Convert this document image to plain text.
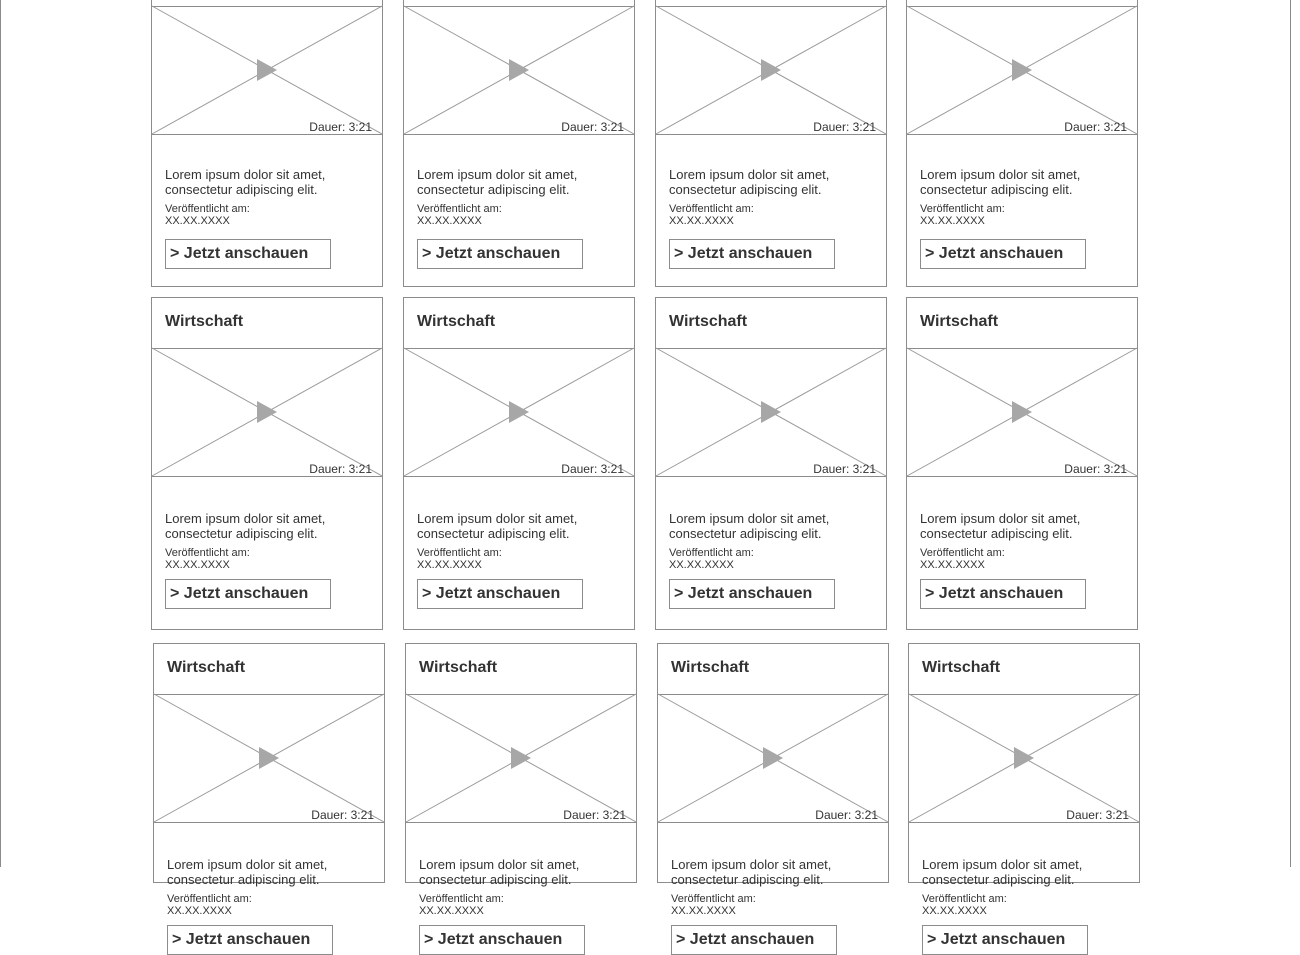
Dauer: 3:21
Lorem ipsum dolor sit amet, consectetur adipiscing elit.
Veröffentlicht am:
XX.XX.XXXX
> Jetzt anschauen
Dauer: 3:21
Lorem ipsum dolor sit amet, consectetur adipiscing elit.
Veröffentlicht am:
XX.XX.XXXX
> Jetzt anschauen
Dauer: 3:21
Lorem ipsum dolor sit amet, consectetur adipiscing elit.
Veröffentlicht am:
XX.XX.XXXX
> Jetzt anschauen
Dauer: 3:21
Lorem ipsum dolor sit amet, consectetur adipiscing elit.
Veröffentlicht am:
XX.XX.XXXX
> Jetzt anschauen
Wirtschaft
Dauer: 3:21
Lorem ipsum dolor sit amet, consectetur adipiscing elit.
Veröffentlicht am:
XX.XX.XXXX
> Jetzt anschauen
Wirtschaft
Dauer: 3:21
Lorem ipsum dolor sit amet, consectetur adipiscing elit.
Veröffentlicht am:
XX.XX.XXXX
> Jetzt anschauen
Wirtschaft
Dauer: 3:21
Lorem ipsum dolor sit amet, consectetur adipiscing elit.
Veröffentlicht am:
XX.XX.XXXX
> Jetzt anschauen
Wirtschaft
Dauer: 3:21
Lorem ipsum dolor sit amet, consectetur adipiscing elit.
Veröffentlicht am:
XX.XX.XXXX
> Jetzt anschauen
Wirtschaft
Dauer: 3:21
Lorem ipsum dolor sit amet, consectetur adipiscing elit.
Veröffentlicht am:
XX.XX.XXXX
> Jetzt anschauen
Wirtschaft
Dauer: 3:21
Lorem ipsum dolor sit amet, consectetur adipiscing elit.
Veröffentlicht am:
XX.XX.XXXX
> Jetzt anschauen
Wirtschaft
Dauer: 3:21
Lorem ipsum dolor sit amet, consectetur adipiscing elit.
Veröffentlicht am:
XX.XX.XXXX
> Jetzt anschauen
Wirtschaft
Dauer: 3:21
Lorem ipsum dolor sit amet, consectetur adipiscing elit.
Veröffentlicht am:
XX.XX.XXXX
> Jetzt anschauen
